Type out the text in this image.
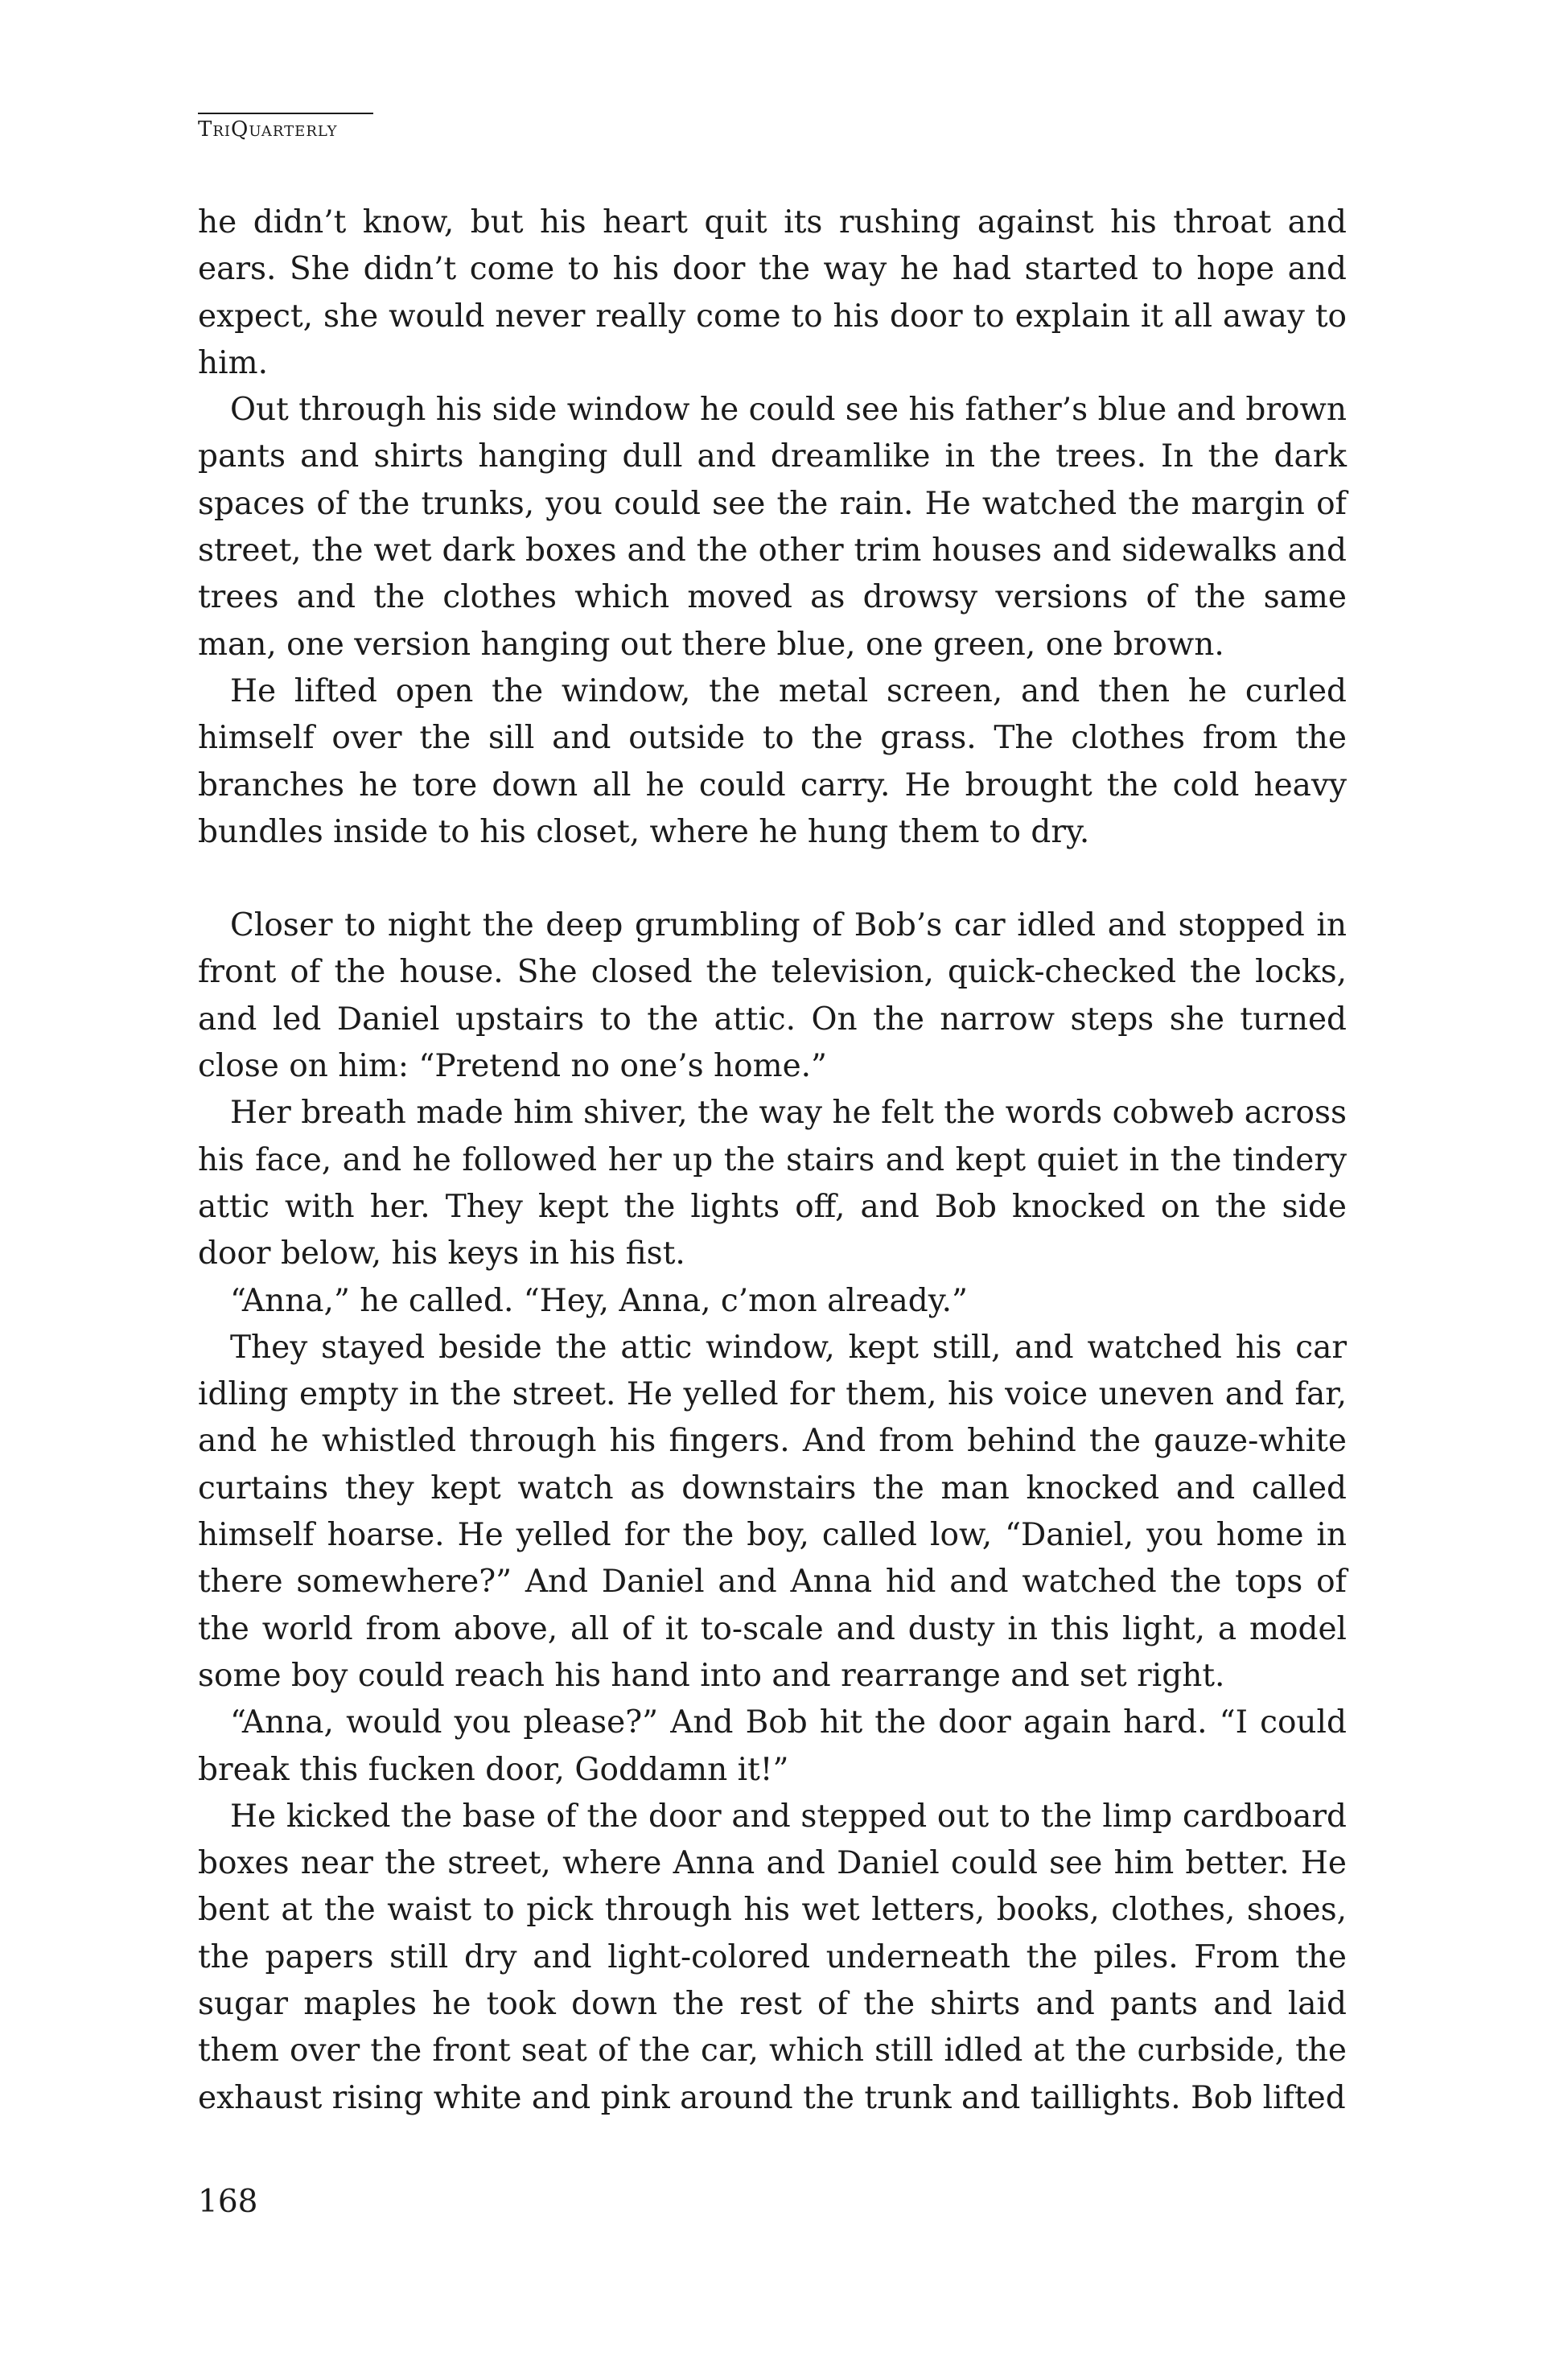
TriQuarterly

he didn’t know, but his heart quit its rushing against his throat and ears. She didn’t come to his door the way he had started to hope and expect, she would never really come to his door to explain it all away to him.

Out through his side window he could see his father’s blue and brown pants and shirts hanging dull and dreamlike in the trees. In the dark spaces of the trunks, you could see the rain. He watched the margin of street, the wet dark boxes and the other trim houses and sidewalks and trees and the clothes which moved as drowsy versions of the same man, one version hanging out there blue, one green, one brown.

He lifted open the window, the metal screen, and then he curled himself over the sill and outside to the grass. The clothes from the branches he tore down all he could carry. He brought the cold heavy bundles inside to his closet, where he hung them to dry.

Closer to night the deep grumbling of Bob’s car idled and stopped in front of the house. She closed the television, quick-checked the locks, and led Daniel upstairs to the attic. On the narrow steps she turned close on him: “Pretend no one’s home.”

Her breath made him shiver, the way he felt the words cobweb across his face, and he followed her up the stairs and kept quiet in the tindery attic with her. They kept the lights off, and Bob knocked on the side door below, his keys in his fist.

“Anna,” he called. “Hey, Anna, c’mon already.”

They stayed beside the attic window, kept still, and watched his car idling empty in the street. He yelled for them, his voice uneven and far, and he whistled through his fingers. And from behind the gauze-white curtains they kept watch as downstairs the man knocked and called himself hoarse. He yelled for the boy, called low, “Daniel, you home in there somewhere?” And Daniel and Anna hid and watched the tops of the world from above, all of it to-scale and dusty in this light, a model some boy could reach his hand into and rearrange and set right.

“Anna, would you please?” And Bob hit the door again hard. “I could break this fucken door, Goddamn it!”

He kicked the base of the door and stepped out to the limp cardboard boxes near the street, where Anna and Daniel could see him better. He bent at the waist to pick through his wet letters, books, clothes, shoes, the papers still dry and light-colored underneath the piles. From the sugar maples he took down the rest of the shirts and pants and laid them over the front seat of the car, which still idled at the curbside, the exhaust rising white and pink around the trunk and taillights. Bob lifted

168
